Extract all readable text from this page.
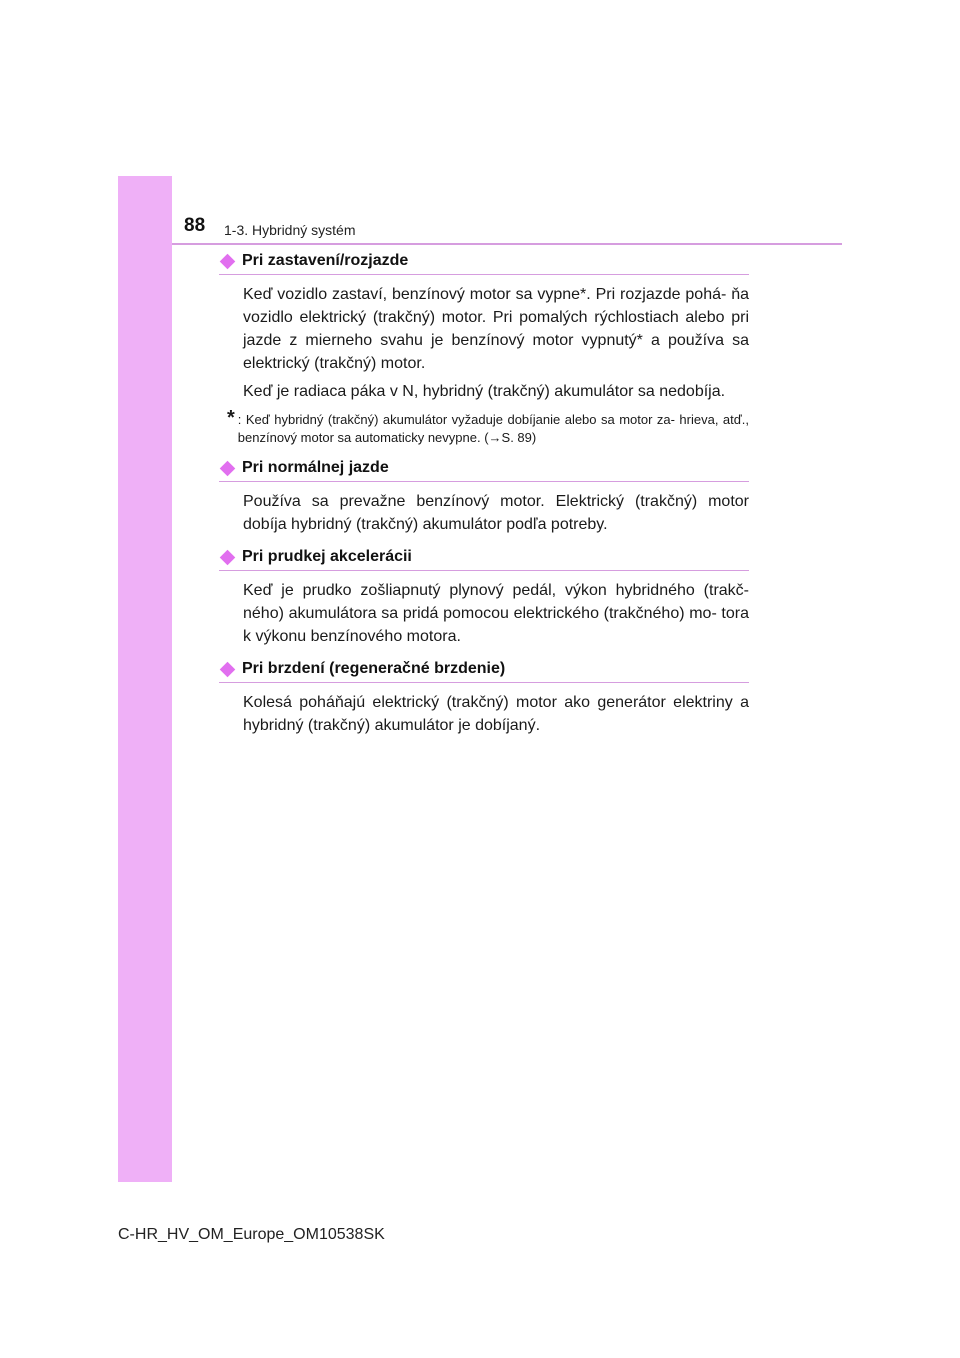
88 1-3. Hybridný systém
Pri zastavení/rozjazde
Keď vozidlo zastaví, benzínový motor sa vypne*. Pri rozjazde pohá- ňa vozidlo elektrický (trakčný) motor. Pri pomalých rýchlostiach alebo pri jazde z mierneho svahu je benzínový motor vypnutý* a používa sa elektrický (trakčný) motor.
Keď je radiaca páka v N, hybridný (trakčný) akumulátor sa nedobíja.
* : Keď hybridný (trakčný) akumulátor vyžaduje dobíjanie alebo sa motor za- hrieva, atď., benzínový motor sa automaticky nevypne. (→S. 89)
Pri normálnej jazde
Používa sa prevažne benzínový motor. Elektrický (trakčný) motor dobíja hybridný (trakčný) akumulátor podľa potreby.
Pri prudkej akcelerácii
Keď je prudko zošliapnutý plynový pedál, výkon hybridného (trakč- ného) akumulátora sa pridá pomocou elektrického (trakčného) mo- tora k výkonu benzínového motora.
Pri brzdení (regeneračné brzdenie)
Kolesá poháňajú elektrický (trakčný) motor ako generátor elektriny a hybridný (trakčný) akumulátor je dobíjaný.
C-HR_HV_OM_Europe_OM10538SK
